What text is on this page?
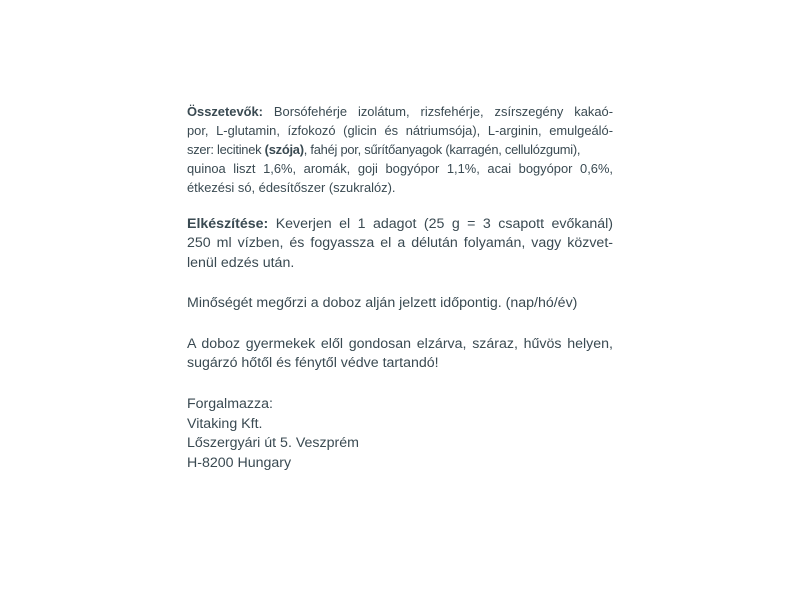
Összetevők: Borsófehérje izolátum, rizsfehérje, zsírszegény kakaó-
por, L-glutamin, ízfokozó (glicin és nátriumsója), L-arginin, emulgeáló-
szer: lecitinek (szója), fahéj por, sűrítőanyagok (karragén, cellulózgumi),
quinoa liszt 1,6%, aromák, goji bogyópor 1,1%, acai bogyópor 0,6%,
étkezési só, édesítőszer (szukralóz).

Elkészítése: Keverjen el 1 adagot (25 g = 3 csapott evőkanál)
250 ml vízben, és fogyassza el a délután folyamán, vagy közvet-
lenül edzés után.

Minőségét megőrzi a doboz alján jelzett időpontig. (nap/hó/év)

A doboz gyermekek elől gondosan elzárva, száraz, hűvös helyen,
sugárzó hőtől és fénytől védve tartandó!

Forgalmazza:
Vitaking Kft.
Lőszergyári út 5. Veszprém
H-8200 Hungary
